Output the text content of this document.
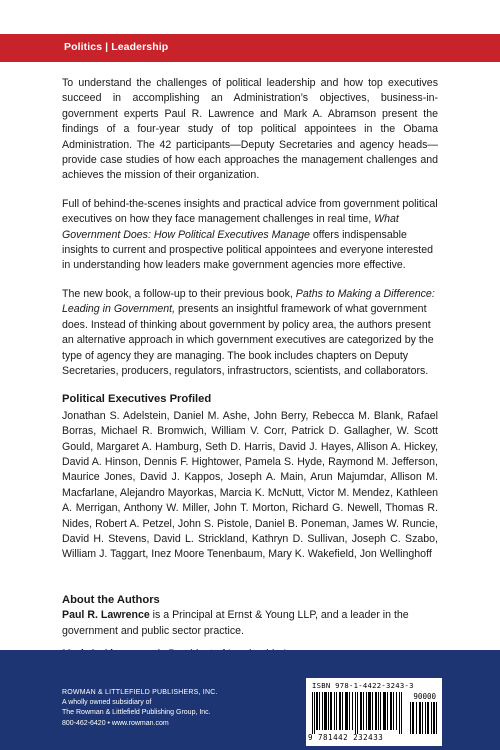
Politics | Leadership

To understand the challenges of political leadership and how top executives succeed in accomplishing an Administration’s objectives, business-in-government experts Paul R. Lawrence and Mark A. Abramson present the findings of a four-year study of top political appointees in the Obama Administration. The 42 participants—Deputy Secretaries and agency heads—provide case studies of how each approaches the management challenges and achieves the mission of their organization.

Full of behind-the-scenes insights and practical advice from government political executives on how they face management challenges in real time, What Government Does: How Political Executives Manage offers indispensable insights to current and prospective political appointees and everyone interested in understanding how leaders make government agencies more effective.

The new book, a follow-up to their previous book, Paths to Making a Difference: Leading in Government, presents an insightful framework of what government does. Instead of thinking about government by policy area, the authors present an alternative approach in which government executives are categorized by the type of agency they are managing. The book includes chapters on Deputy Secretaries, producers, regulators, infrastructors, scientists, and collaborators.

Political Executives Profiled
Jonathan S. Adelstein, Daniel M. Ashe, John Berry, Rebecca M. Blank, Rafael Borras, Michael R. Bromwich, William V. Corr, Patrick D. Gallagher, W. Scott Gould, Margaret A. Hamburg, Seth D. Harris, David J. Hayes, Allison A. Hickey, David A. Hinson, Dennis F. Hightower, Pamela S. Hyde, Raymond M. Jefferson, Maurice Jones, David J. Kappos, Joseph A. Main, Arun Majumdar, Allison M. Macfarlane, Alejandro Mayorkas, Marcia K. McNutt, Victor M. Mendez, Kathleen A. Merrigan, Anthony W. Miller, John T. Morton, Richard G. Newell, Thomas R. Nides, Robert A. Petzel, John S. Pistole, Daniel B. Poneman, James W. Runcie, David H. Stevens, David L. Strickland, Kathryn D. Sullivan, Joseph C. Szabo, William J. Taggart, Inez Moore Tenenbaum, Mary K. Wakefield, Jon Wellinghoff
About the Authors

Paul R. Lawrence is a Principal at Ernst & Young LLP, and a leader in the government and public sector practice.

ROWMAN & LITTLEFIELD PUBLISHERS, INC.
A wholly owned subsidiary of
The Rowman & Littlefield Publishing Group, Inc.
800-462-6420 • www.rowman.com
ISBN 978-1-4422-3243-3
90000
9 781442 232433
